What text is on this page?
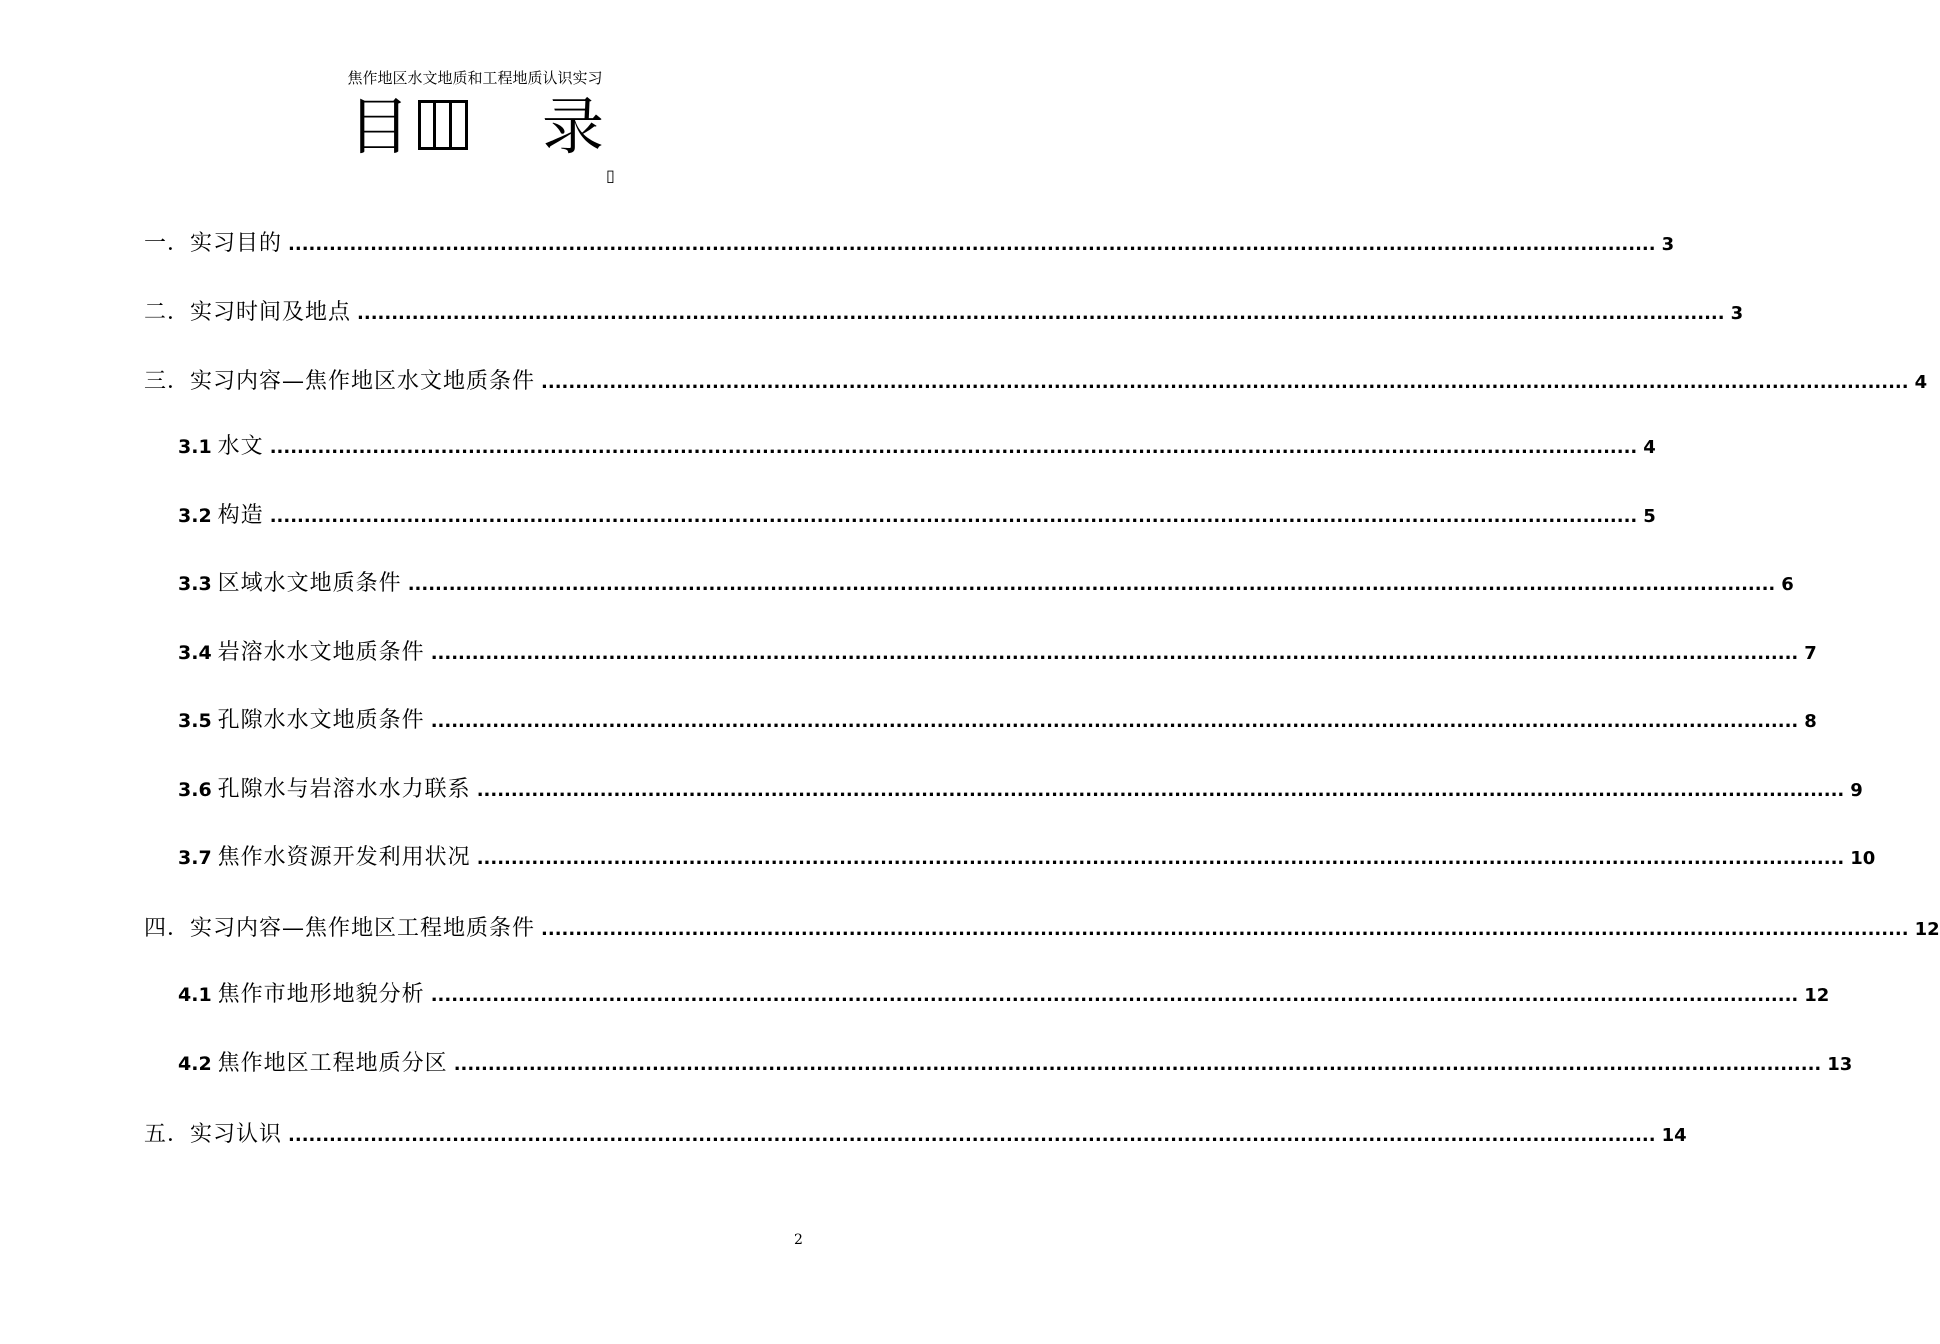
焦作地区水文地质和工程地质认识实习
目 录
▯
一．实习目的 ........................................................................................................................................................................................................ 3
二．实习时间及地点 ........................................................................................................................................................................................................ 3
三．实习内容—焦作地区水文地质条件 ........................................................................................................................................................................................................ 4
3.1 水文 ........................................................................................................................................................................................................ 4
3.2 构造 ........................................................................................................................................................................................................ 5
3.3 区域水文地质条件 ........................................................................................................................................................................................................ 6
3.4 岩溶水水文地质条件 ........................................................................................................................................................................................................ 7
3.5 孔隙水水文地质条件 ........................................................................................................................................................................................................ 8
3.6 孔隙水与岩溶水水力联系 ........................................................................................................................................................................................................ 9
3.7 焦作水资源开发利用状况 ........................................................................................................................................................................................................ 10
四．实习内容—焦作地区工程地质条件 ........................................................................................................................................................................................................ 12
4.1 焦作市地形地貌分析 ........................................................................................................................................................................................................ 12
4.2 焦作地区工程地质分区 ........................................................................................................................................................................................................ 13
五．实习认识 ........................................................................................................................................................................................................ 14
2
